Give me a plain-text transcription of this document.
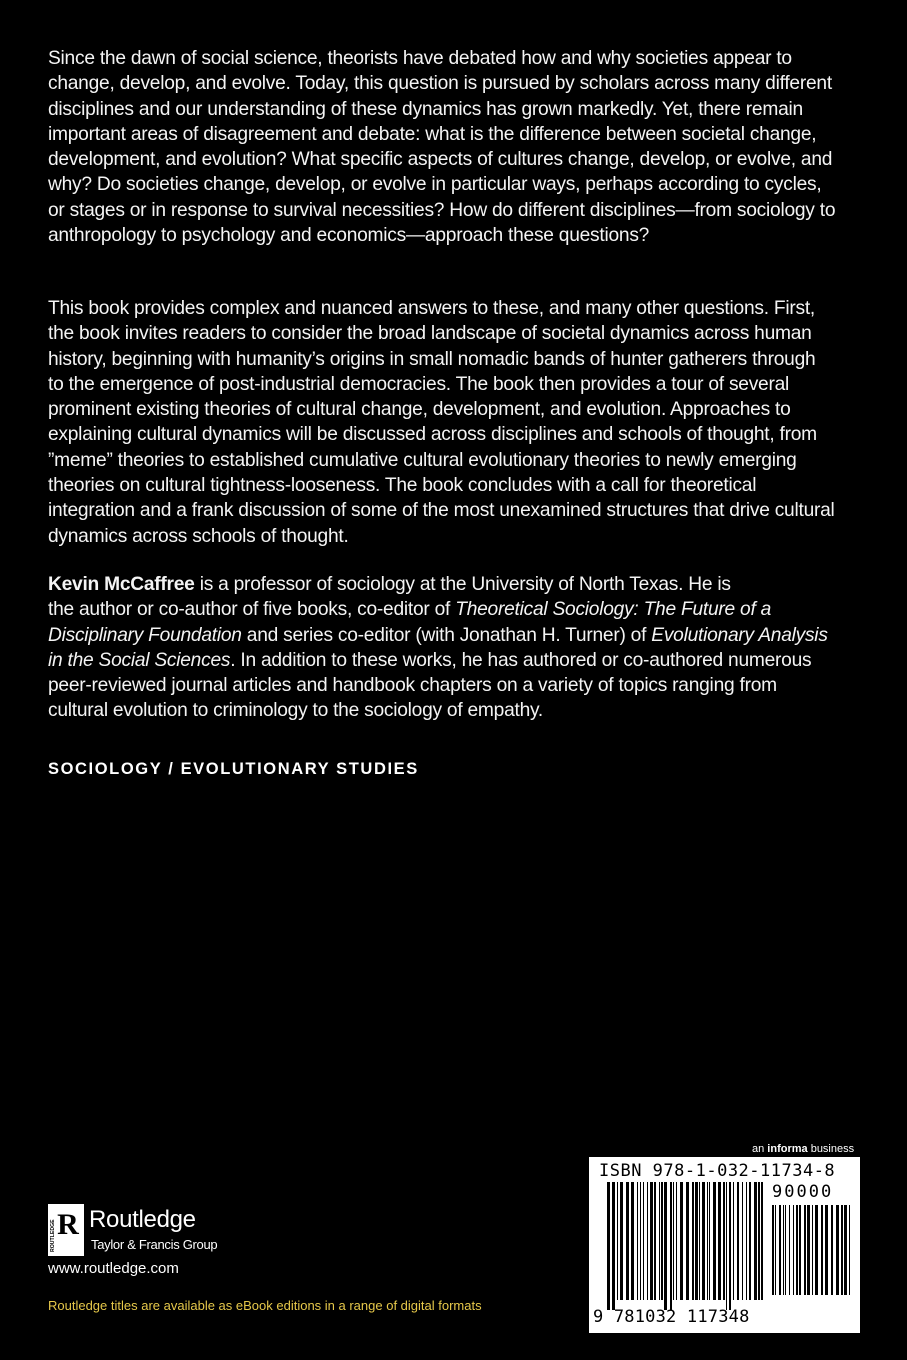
Since the dawn of social science, theorists have debated how and why societies appear to
change, develop, and evolve. Today, this question is pursued by scholars across many different
disciplines and our understanding of these dynamics has grown markedly. Yet, there remain
important areas of disagreement and debate: what is the difference between societal change,
development, and evolution? What specific aspects of cultures change, develop, or evolve, and
why? Do societies change, develop, or evolve in particular ways, perhaps according to cycles,
or stages or in response to survival necessities? How do different disciplines—from sociology to
anthropology to psychology and economics—approach these questions?
This book provides complex and nuanced answers to these, and many other questions. First,
the book invites readers to consider the broad landscape of societal dynamics across human
history, beginning with humanity’s origins in small nomadic bands of hunter gatherers through
to the emergence of post-industrial democracies. The book then provides a tour of several
prominent existing theories of cultural change, development, and evolution. Approaches to
explaining cultural dynamics will be discussed across disciplines and schools of thought, from
”meme” theories to established cumulative cultural evolutionary theories to newly emerging
theories on cultural tightness-looseness. The book concludes with a call for theoretical
integration and a frank discussion of some of the most unexamined structures that drive cultural
dynamics across schools of thought.
Kevin McCaffree is a professor of sociology at the University of North Texas. He is
the author or co-author of five books, co-editor of Theoretical Sociology: The Future of a
Disciplinary Foundation and series co-editor (with Jonathan H. Turner) of Evolutionary Analysis
in the Social Sciences. In addition to these works, he has authored or co-authored numerous
peer-reviewed journal articles and handbook chapters on a variety of topics ranging from
cultural evolution to criminology to the sociology of empathy.
SOCIOLOGY / EVOLUTIONARY STUDIES
an informa business
ISBN 978-1-032-11734-8
90000
9 781032 117348
R
ROUTLEDGE Routledge
Taylor & Francis Group
www.routledge.com
Routledge titles are available as eBook editions in a range of digital formats
